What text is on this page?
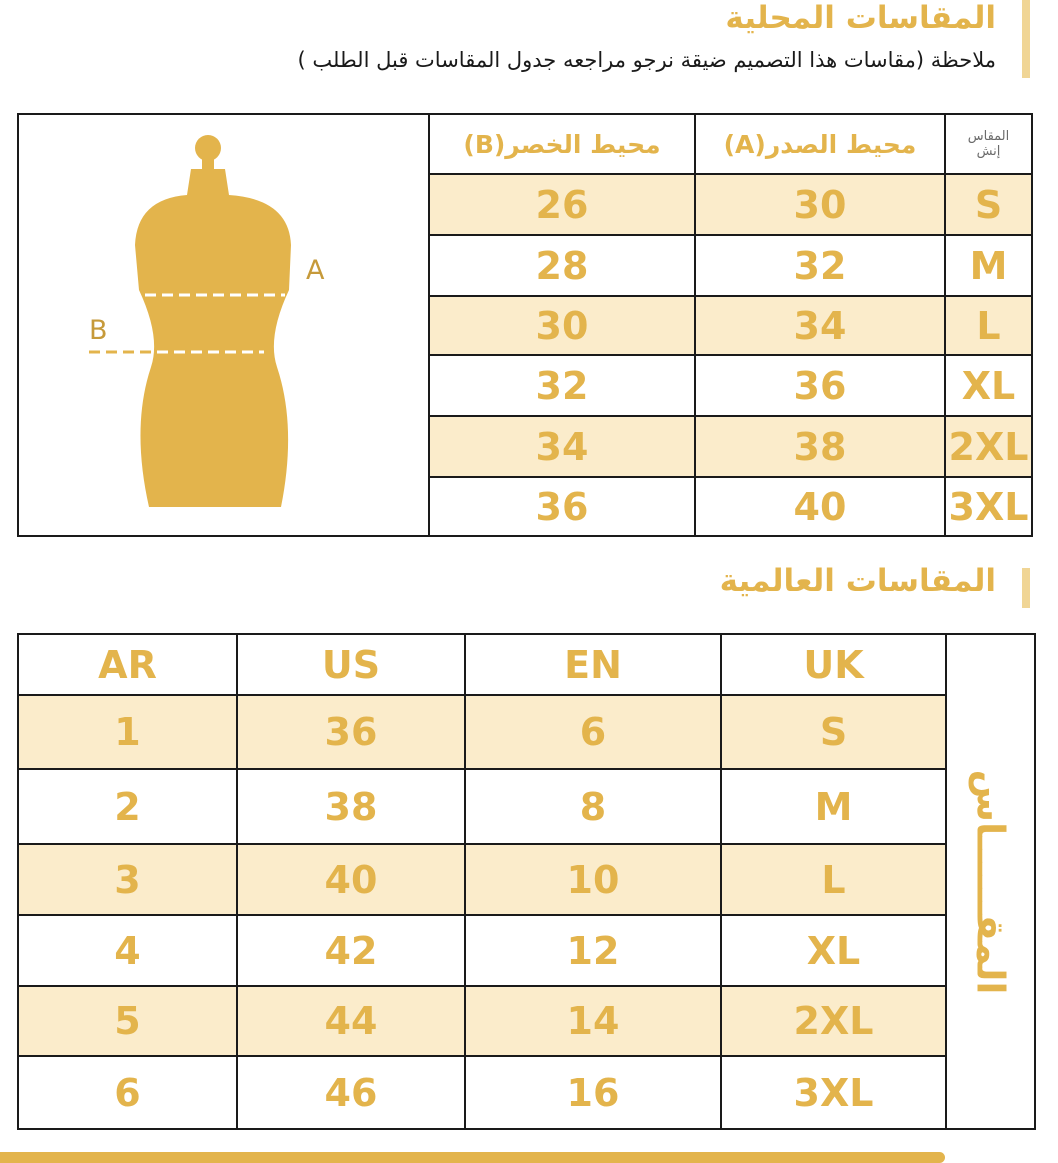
المقاسات المحلية
ملاحظة (مقاسات هذا التصميم ضيقة نرجو مراجعه جدول المقاسات قبل الطلب )
A
B
محيط الخصر(B)	محيط الصدر(A)	المقاس
إنش
26	30	S
28	32	M
30	34	L
32	36	XL
34	38	2XL
36	40	3XL
المقاسات العالمية
AR	US	EN	UK
1	36	6	S
2	38	8	M
3	40	10	L
4	42	12	XL
5	44	14	2XL
6	46	16	3XL
المقــــــاس
